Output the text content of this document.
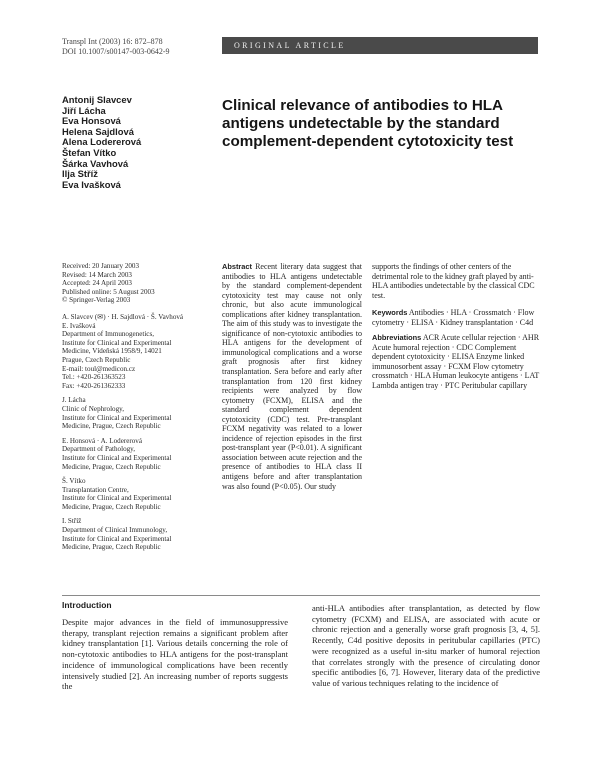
Transpl Int (2003) 16: 872–878
DOI 10.1007/s00147-003-0642-9
ORIGINAL ARTICLE
Antonij Slavcev
Jiří Lácha
Eva Honsová
Helena Sajdlová
Alena Lodererová
Štefan Vítko
Šárka Vavhová
Ilja Stříž
Eva Ivašková
Clinical relevance of antibodies to HLA antigens undetectable by the standard complement-dependent cytotoxicity test
Received: 20 January 2003
Revised: 14 March 2003
Accepted: 24 April 2003
Published online: 5 August 2003
© Springer-Verlag 2003
A. Slavcev (✉) · H. Sajdlová · Š. Vavhová
E. Ivašková
Department of Immunogenetics,
Institute for Clinical and Experimental
Medicine, Vídeňská 1958/9, 14021
Prague, Czech Republic
E-mail: toul@medicon.cz
Tel.: +420-261363523
Fax: +420-261362333
J. Lácha
Clinic of Nephrology,
Institute for Clinical and Experimental
Medicine, Prague, Czech Republic
E. Honsová · A. Lodererová
Department of Pathology,
Institute for Clinical and Experimental
Medicine, Prague, Czech Republic
Š. Vítko
Transplantation Centre,
Institute for Clinical and Experimental
Medicine, Prague, Czech Republic
I. Stříž
Department of Clinical Immunology,
Institute for Clinical and Experimental
Medicine, Prague, Czech Republic
Abstract Recent literary data suggest that antibodies to HLA antigens undetectable by the standard complement-dependent cytotoxicity test may cause not only chronic, but also acute immunological complications after kidney transplantation. The aim of this study was to investigate the significance of non-cytotoxic antibodies to HLA antigens for the development of immunological complications and a worse graft prognosis after first kidney transplantation. Sera before and early after transplantation from 120 first kidney recipients were analyzed by flow cytometry (FCXM), ELISA and the standard complement dependent cytotoxicity (CDC) test. Pre-transplant FCXM negativity was related to a lower incidence of rejection episodes in the first post-transplant year (P<0.01). A significant association between acute rejection and the presence of antibodies to HLA class II antigens before and after transplantation was also found (P<0.05). Our study

supports the findings of other centers of the detrimental role to the kidney graft played by anti-HLA antibodies undetectable by the classical CDC test.

Keywords Antibodies · HLA · Crossmatch · Flow cytometry · ELISA · Kidney transplantation · C4d

Abbreviations ACR Acute cellular rejection · AHR Acute humoral rejection · CDC Complement dependent cytotoxicity · ELISA Enzyme linked immunosorbent assay · FCXM Flow cytometry crossmatch · HLA Human leukocyte antigens · LAT Lambda antigen tray · PTC Peritubular capillary

Introduction
Despite major advances in the field of immunosuppressive therapy, transplant rejection remains a significant problem after kidney transplantation [1]. Various details concerning the role of non-cytotoxic antibodies to HLA antigens for the post-transplant incidence of immunological complications have been recently intensively studied [2]. An increasing number of reports suggests the
anti-HLA antibodies after transplantation, as detected by flow cytometry (FCXM) and ELISA, are associated with acute or chronic rejection and a generally worse graft prognosis [3, 4, 5]. Recently, C4d positive deposits in peritubular capillaries (PTC) were recognized as a useful in-situ marker of humoral rejection that correlates strongly with the presence of circulating donor specific antibodies [6, 7]. However, literary data of the predictive value of various techniques relating to the incidence of
